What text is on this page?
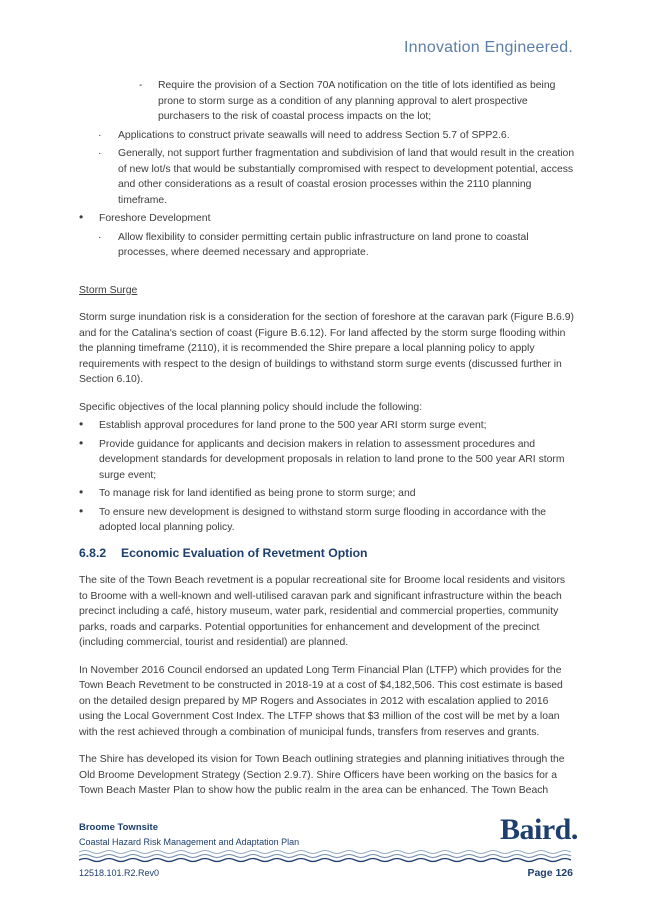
Innovation Engineered.
- Require the provision of a Section 70A notification on the title of lots identified as being prone to storm surge as a condition of any planning approval to alert prospective purchasers to the risk of coastal process impacts on the lot;
· Applications to construct private seawalls will need to address Section 5.7 of SPP2.6.
· Generally, not support further fragmentation and subdivision of land that would result in the creation of new lot/s that would be substantially compromised with respect to development potential, access and other considerations as a result of coastal erosion processes within the 2110 planning timeframe.
• Foreshore Development
· Allow flexibility to consider permitting certain public infrastructure on land prone to coastal processes, where deemed necessary and appropriate.

Storm Surge

Storm surge inundation risk is a consideration for the section of foreshore at the caravan park (Figure B.6.9) and for the Catalina's section of coast (Figure B.6.12). For land affected by the storm surge flooding within the planning timeframe (2110), it is recommended the Shire prepare a local planning policy to apply requirements with respect to the design of buildings to withstand storm surge events (discussed further in Section 6.10).

Specific objectives of the local planning policy should include the following:

• Establish approval procedures for land prone to the 500 year ARI storm surge event;
• Provide guidance for applicants and decision makers in relation to assessment procedures and development standards for development proposals in relation to land prone to the 500 year ARI storm surge event;
• To manage risk for land identified as being prone to storm surge; and
• To ensure new development is designed to withstand storm surge flooding in accordance with the adopted local planning policy.
6.8.2 Economic Evaluation of Revetment Option

The site of the Town Beach revetment is a popular recreational site for Broome local residents and visitors to Broome with a well-known and well-utilised caravan park and significant infrastructure within the beach precinct including a café, history museum, water park, residential and commercial properties, community parks, roads and carparks. Potential opportunities for enhancement and development of the precinct (including commercial, tourist and residential) are planned.

In November 2016 Council endorsed an updated Long Term Financial Plan (LTFP) which provides for the Town Beach Revetment to be constructed in 2018-19 at a cost of $4,182,506. This cost estimate is based on the detailed design prepared by MP Rogers and Associates in 2012 with escalation applied to 2016 using the Local Government Cost Index. The LTFP shows that $3 million of the cost will be met by a loan with the rest achieved through a combination of municipal funds, transfers from reserves and grants.

The Shire has developed its vision for Town Beach outlining strategies and planning initiatives through the Old Broome Development Strategy (Section 2.9.7). Shire Officers have been working on the basics for a Town Beach Master Plan to show how the public realm in the area can be enhanced. The Town Beach

Broome Townsite
Coastal Hazard Risk Management and Adaptation Plan	Baird.
12518.101.R2.Rev0	Page 126
